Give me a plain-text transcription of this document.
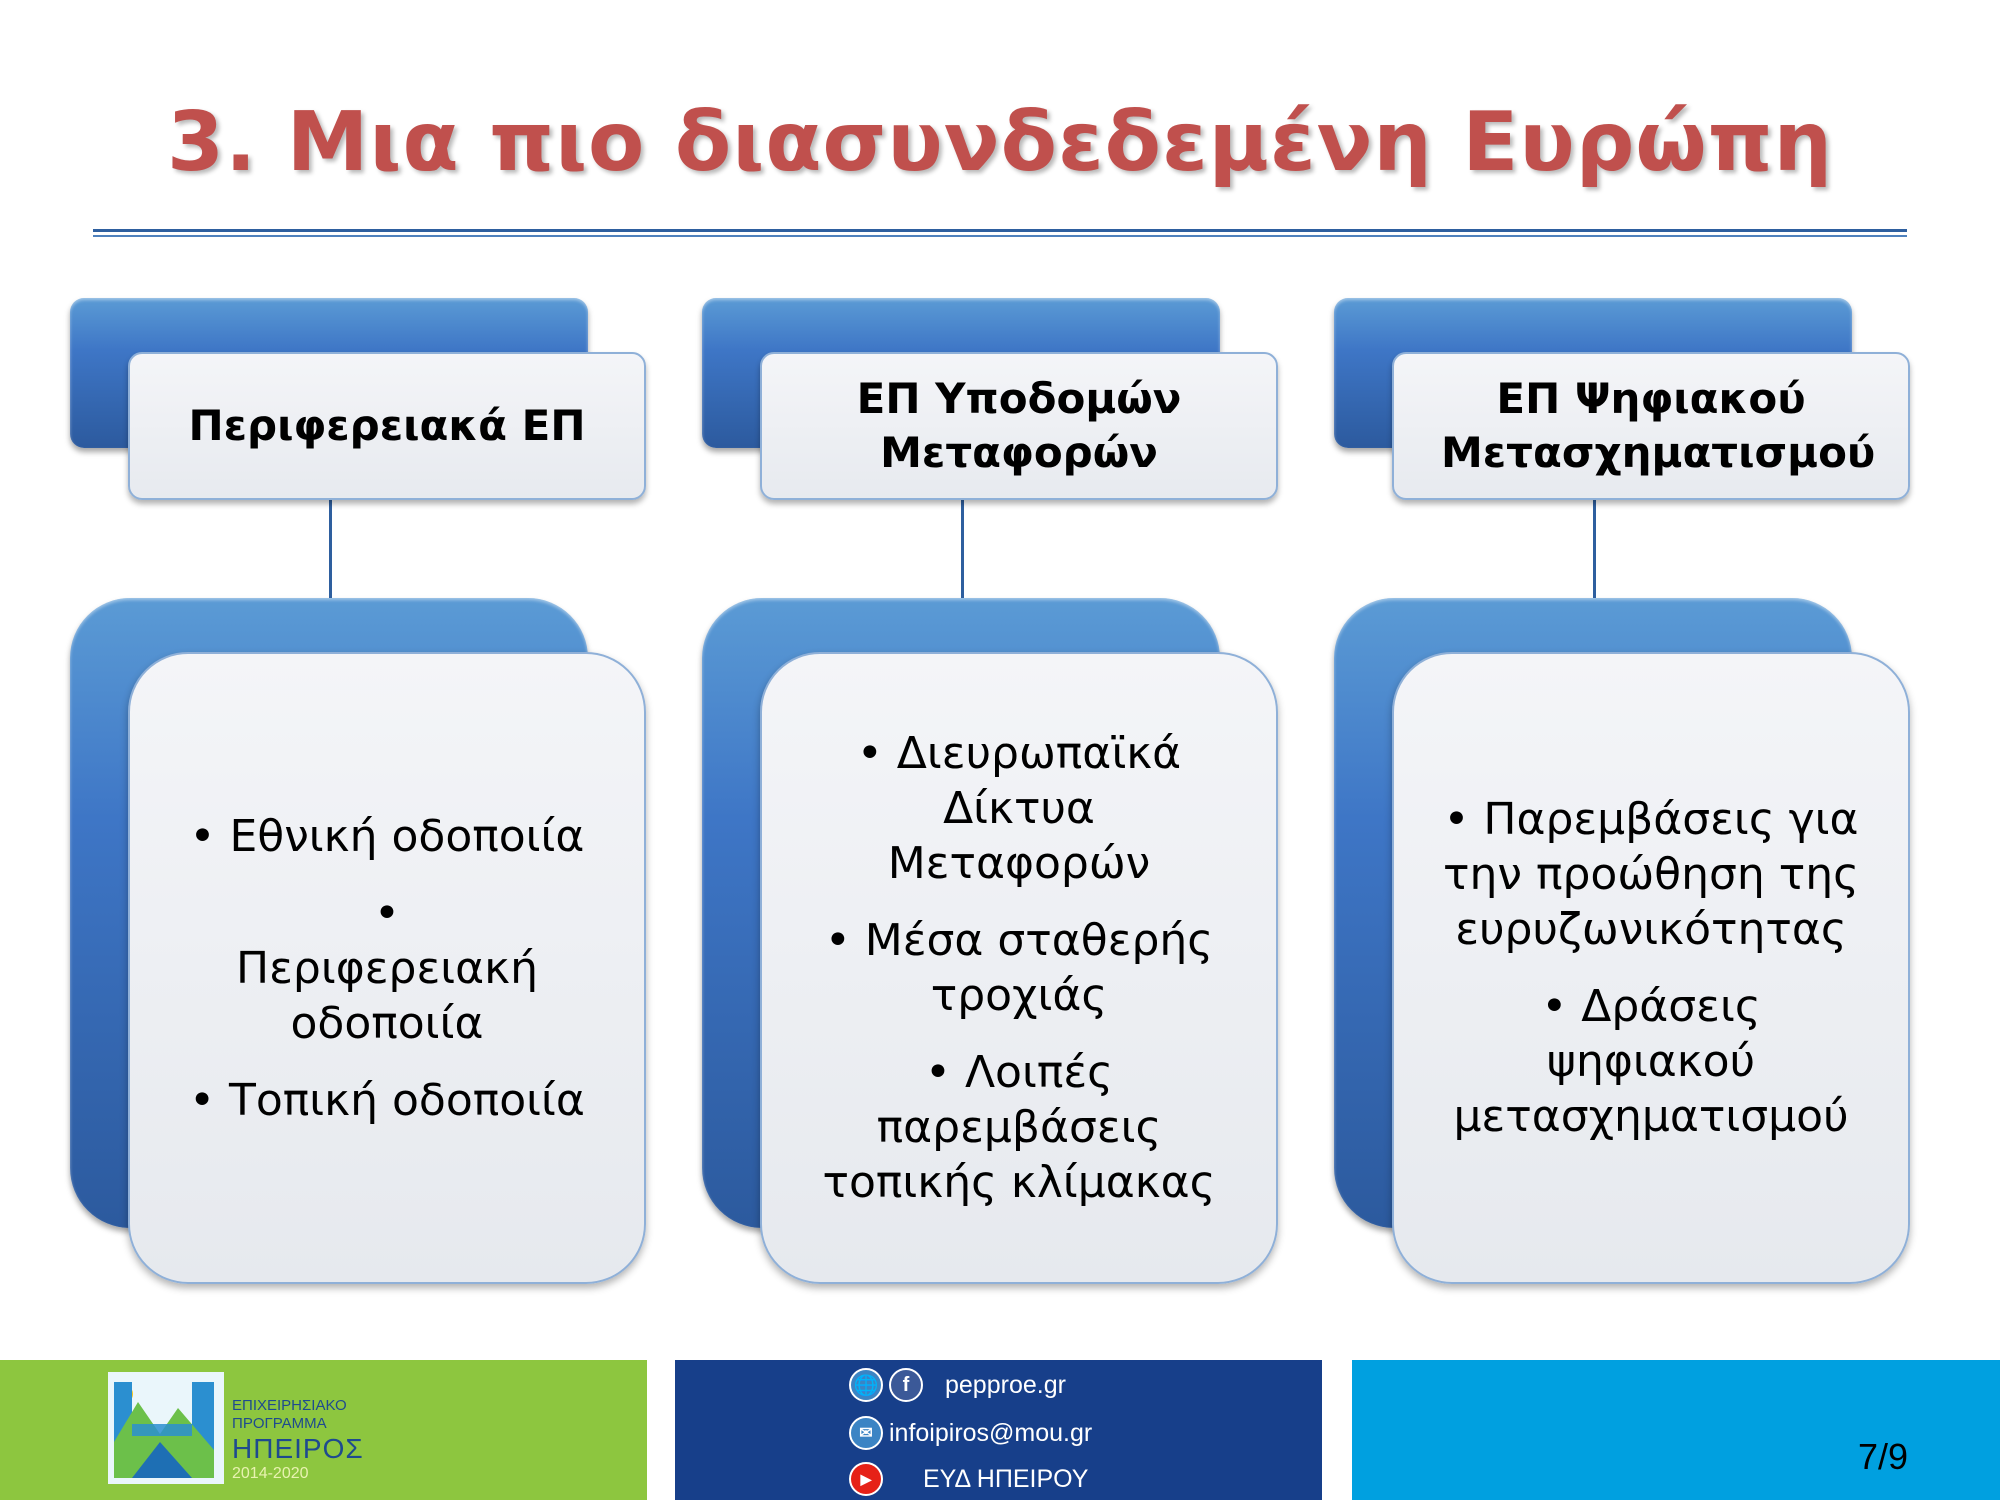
3. Μια πιο διασυνδεδεμένη Ευρώπη
Περιφερειακά ΕΠ
• Εθνική οδοποιία
• Περιφερειακή οδοποιία
• Τοπική οδοποιία
ΕΠ Υποδομών Μεταφορών
• Διευρωπαϊκά Δίκτυα Μεταφορών
• Μέσα σταθερής τροχιάς
• Λοιπές παρεμβάσεις τοπικής κλίμακας
ΕΠ Ψηφιακού Μετασχηματισμού
• Παρεμβάσεις για την προώθηση της ευρυζωνικότητας
• Δράσεις ψηφιακού μετασχηματισμού
ΕΠΙΧΕΙΡΗΣΙΑΚΟ
ΠΡΟΓΡΑΜΜΑ
ΗΠΕΙΡΟΣ
2014-2020
🌐	f	pepproe.gr
✉ infoipiros@mou.gr
▶	ΕΥΔ ΗΠΕΙΡΟΥ
7/9
